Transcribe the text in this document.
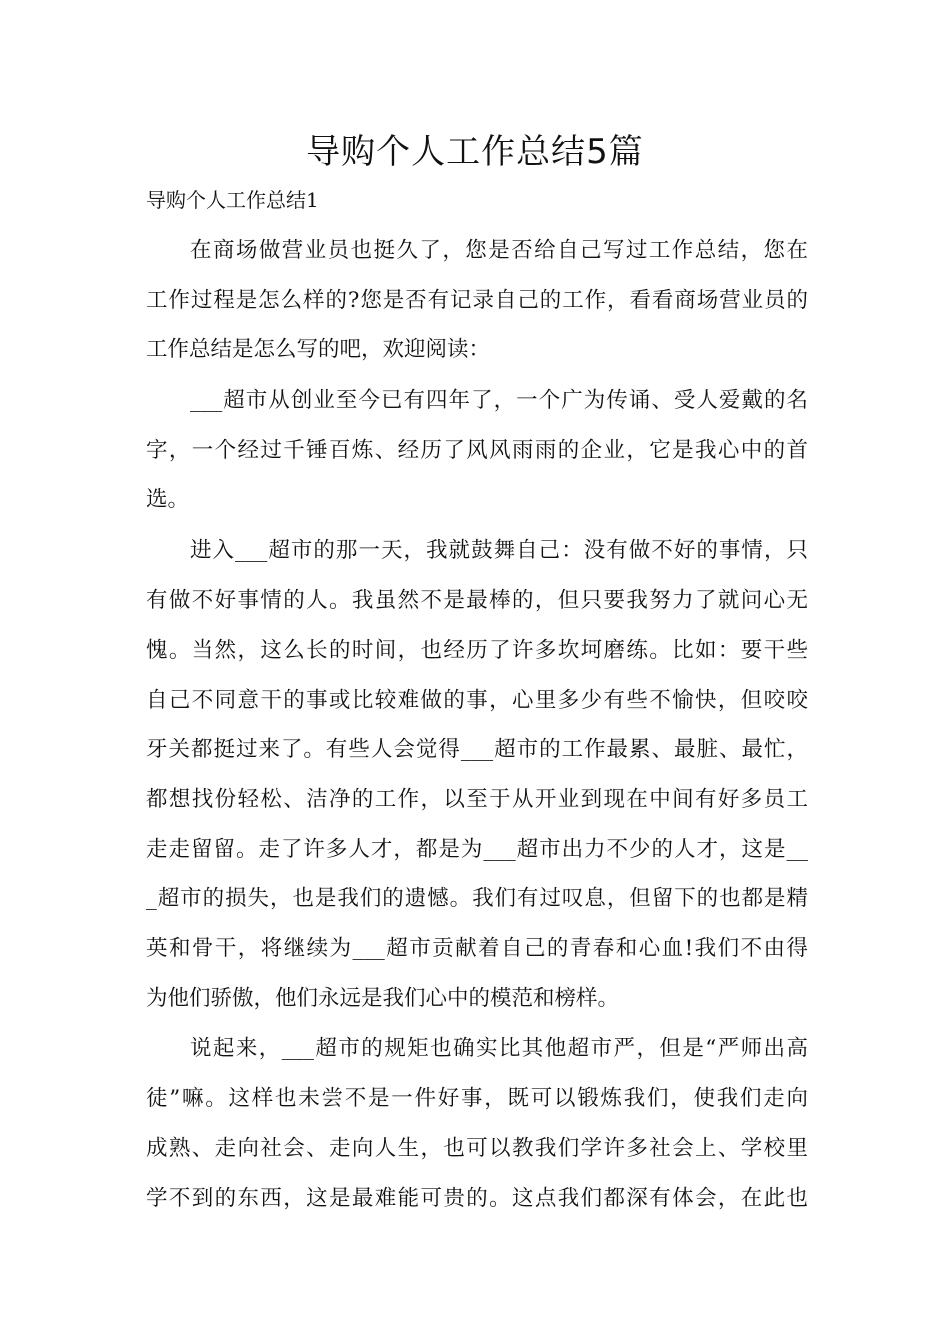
导购个人工作总结5篇

导购个人工作总结1

在商场做营业员也挺久了，您是否给自己写过工作总结，您在

工作过程是怎么样的?您是否有记录自己的工作，看看商场营业员的

工作总结是怎么写的吧，欢迎阅读：

___超市从创业至今已有四年了，一个广为传诵、受人爱戴的名

字，一个经过千锤百炼、经历了风风雨雨的企业，它是我心中的首

选。

进入___超市的那一天，我就鼓舞自己：没有做不好的事情，只

有做不好事情的人。我虽然不是最棒的，但只要我努力了就问心无

愧。当然，这么长的时间，也经历了许多坎坷磨练。比如：要干些

自己不同意干的事或比较难做的事，心里多少有些不愉快，但咬咬

牙关都挺过来了。有些人会觉得___超市的工作最累、最脏、最忙，

都想找份轻松、洁净的工作，以至于从开业到现在中间有好多员工

走走留留。走了许多人才，都是为___超市出力不少的人才，这是__

_超市的损失，也是我们的遗憾。我们有过叹息，但留下的也都是精

英和骨干，将继续为___超市贡献着自己的青春和心血!我们不由得

为他们骄傲，他们永远是我们心中的模范和榜样。

说起来，___超市的规矩也确实比其他超市严，但是“严师出高

徒”嘛。这样也未尝不是一件好事，既可以锻炼我们，使我们走向

成熟、走向社会、走向人生，也可以教我们学许多社会上、学校里

学不到的东西，这是最难能可贵的。这点我们都深有体会，在此也
